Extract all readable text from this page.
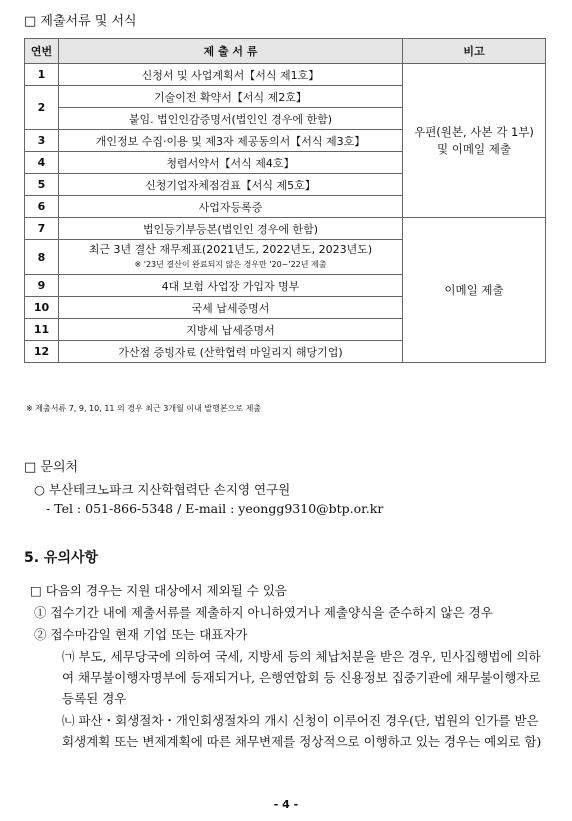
□ 제출서류 및 서식
연번	제 출 서 류	비고
1	신청서 및 사업계획서【서식 제1호】	우편(원본, 사본 각 1부)
및 이메일 제출

2	기술이전 확약서【서식 제2호】	
	붙임. 법인인감증명서(법인인 경우에 한함)	
3	개인정보 수집·이용 및 제3자 제공동의서【서식 제3호】	
4	청렴서약서【서식 제4호】	
5	신청기업자체점검표【서식 제5호】	
6	사업자등록증	
7	법인등기부등본(법인인 경우에 한함)	이메일 제출
8	최근 3년 결산 재무제표(2021년도, 2022년도, 2023년도)
※ '23년 결산이 완료되지 않은 경우만 '20~'22년 제출	

9	4대 보험 사업장 가입자 명부	
10	국세 납세증명서	
11	지방세 납세증명서	
12	가산점 증빙자료 (산학협력 마일리지 해당기업)	
※ 제출서류 7, 9, 10, 11 의 경우 최근 3개월 이내 발행본으로 제출
□ 문의처
○ 부산테크노파크 지산학협력단 손지영 연구원
- Tel : 051-866-5348 / E-mail : yeongg9310@btp.or.kr
5. 유의사항
□ 다음의 경우는 지원 대상에서 제외될 수 있음
① 접수기간 내에 제출서류를 제출하지 아니하였거나 제출양식을 준수하지 않은 경우
② 접수마감일 현재 기업 또는 대표자가
㈀ 부도, 세무당국에 의하여 국세, 지방세 등의 체납처분을 받은 경우, 민사집행법에 의하여 채무불이행자명부에 등재되거나, 은행연합회 등 신용정보 집중기관에 채무불이행자로 등록된 경우
㈁ 파산・회생절차・개인회생절차의 개시 신청이 이루어진 경우(단, 법원의 인가를 받은 회생계획 또는 변제계획에 따른 채무변제를 정상적으로 이행하고 있는 경우는 예외로 함)
- 4 -
